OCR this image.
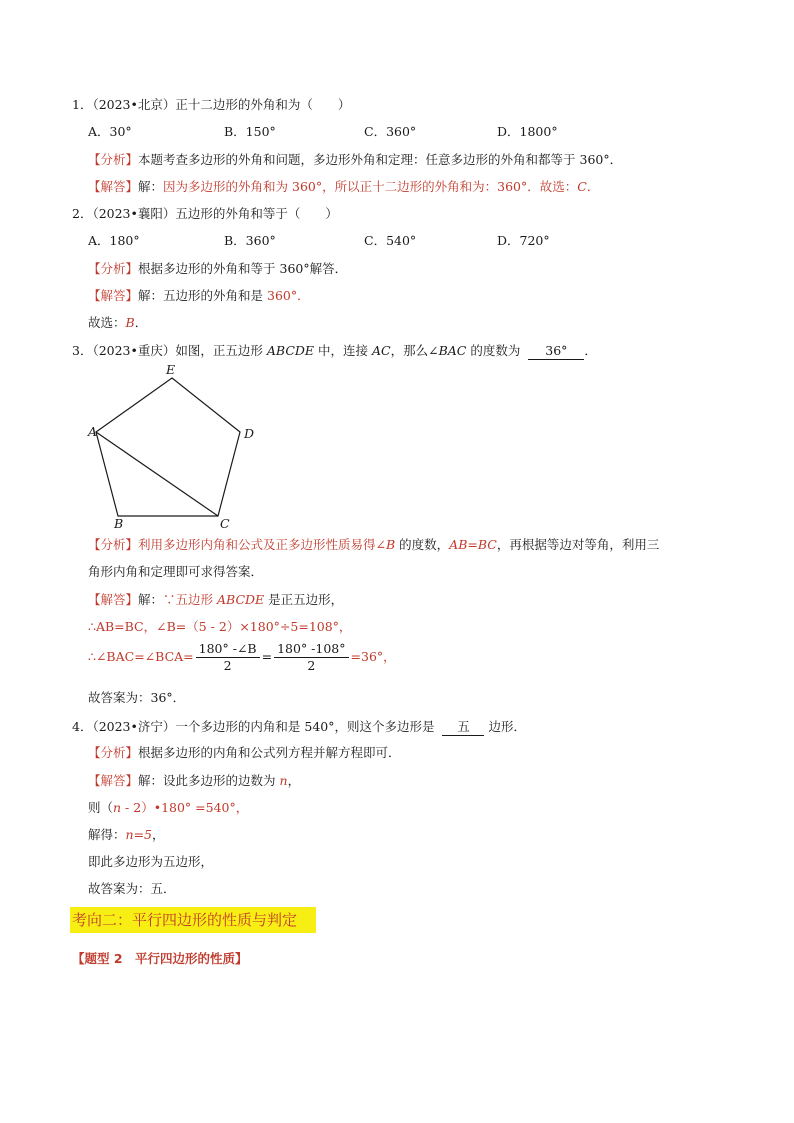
1．（2023•北京）正十二边形的外角和为（　　）
A．30°	B．150°	C．360°	D．1800°
【分析】本题考查多边形的外角和问题，多边形外角和定理：任意多边形的外角和都等于 360°．
【解答】解：因为多边形的外角和为 360°，所以正十二边形的外角和为：360°．故选：C．
2．（2023•襄阳）五边形的外角和等于（　　）
A．180°	B．360°	C．540°	D．720°
【分析】根据多边形的外角和等于 360°解答．
【解答】解：五边形的外角和是 360°．
故选：B．
3．（2023•重庆）如图，正五边形 ABCDE 中，连接 AC，那么∠BAC 的度数为 36° ．
E
A	D
B	C
【分析】利用多边形内角和公式及正多边形性质易得∠B 的度数，AB=BC，再根据等边对等角，利用三
角形内角和定理即可求得答案．
【解答】解：∵五边形 ABCDE 是正五边形，
∴AB=BC，∠B=（5 - 2）×180°÷5=108°，
∴∠BAC=∠BCA= $\frac{180^\circ -\angle B}{2} = \frac{180^\circ -108^\circ}{2} =36^\circ$，
故答案为：36°．
4．（2023•济宁）一个多边形的内角和是 540°，则这个多边形是 五 边形．
【分析】根据多边形的内角和公式列方程并解方程即可．
【解答】解：设此多边形的边数为 n，
则（n - 2）•180° =540°，
解得：n=5，
即此多边形为五边形，
故答案为：五．
考向二：平行四边形的性质与判定
【题型 2　平行四边形的性质】
